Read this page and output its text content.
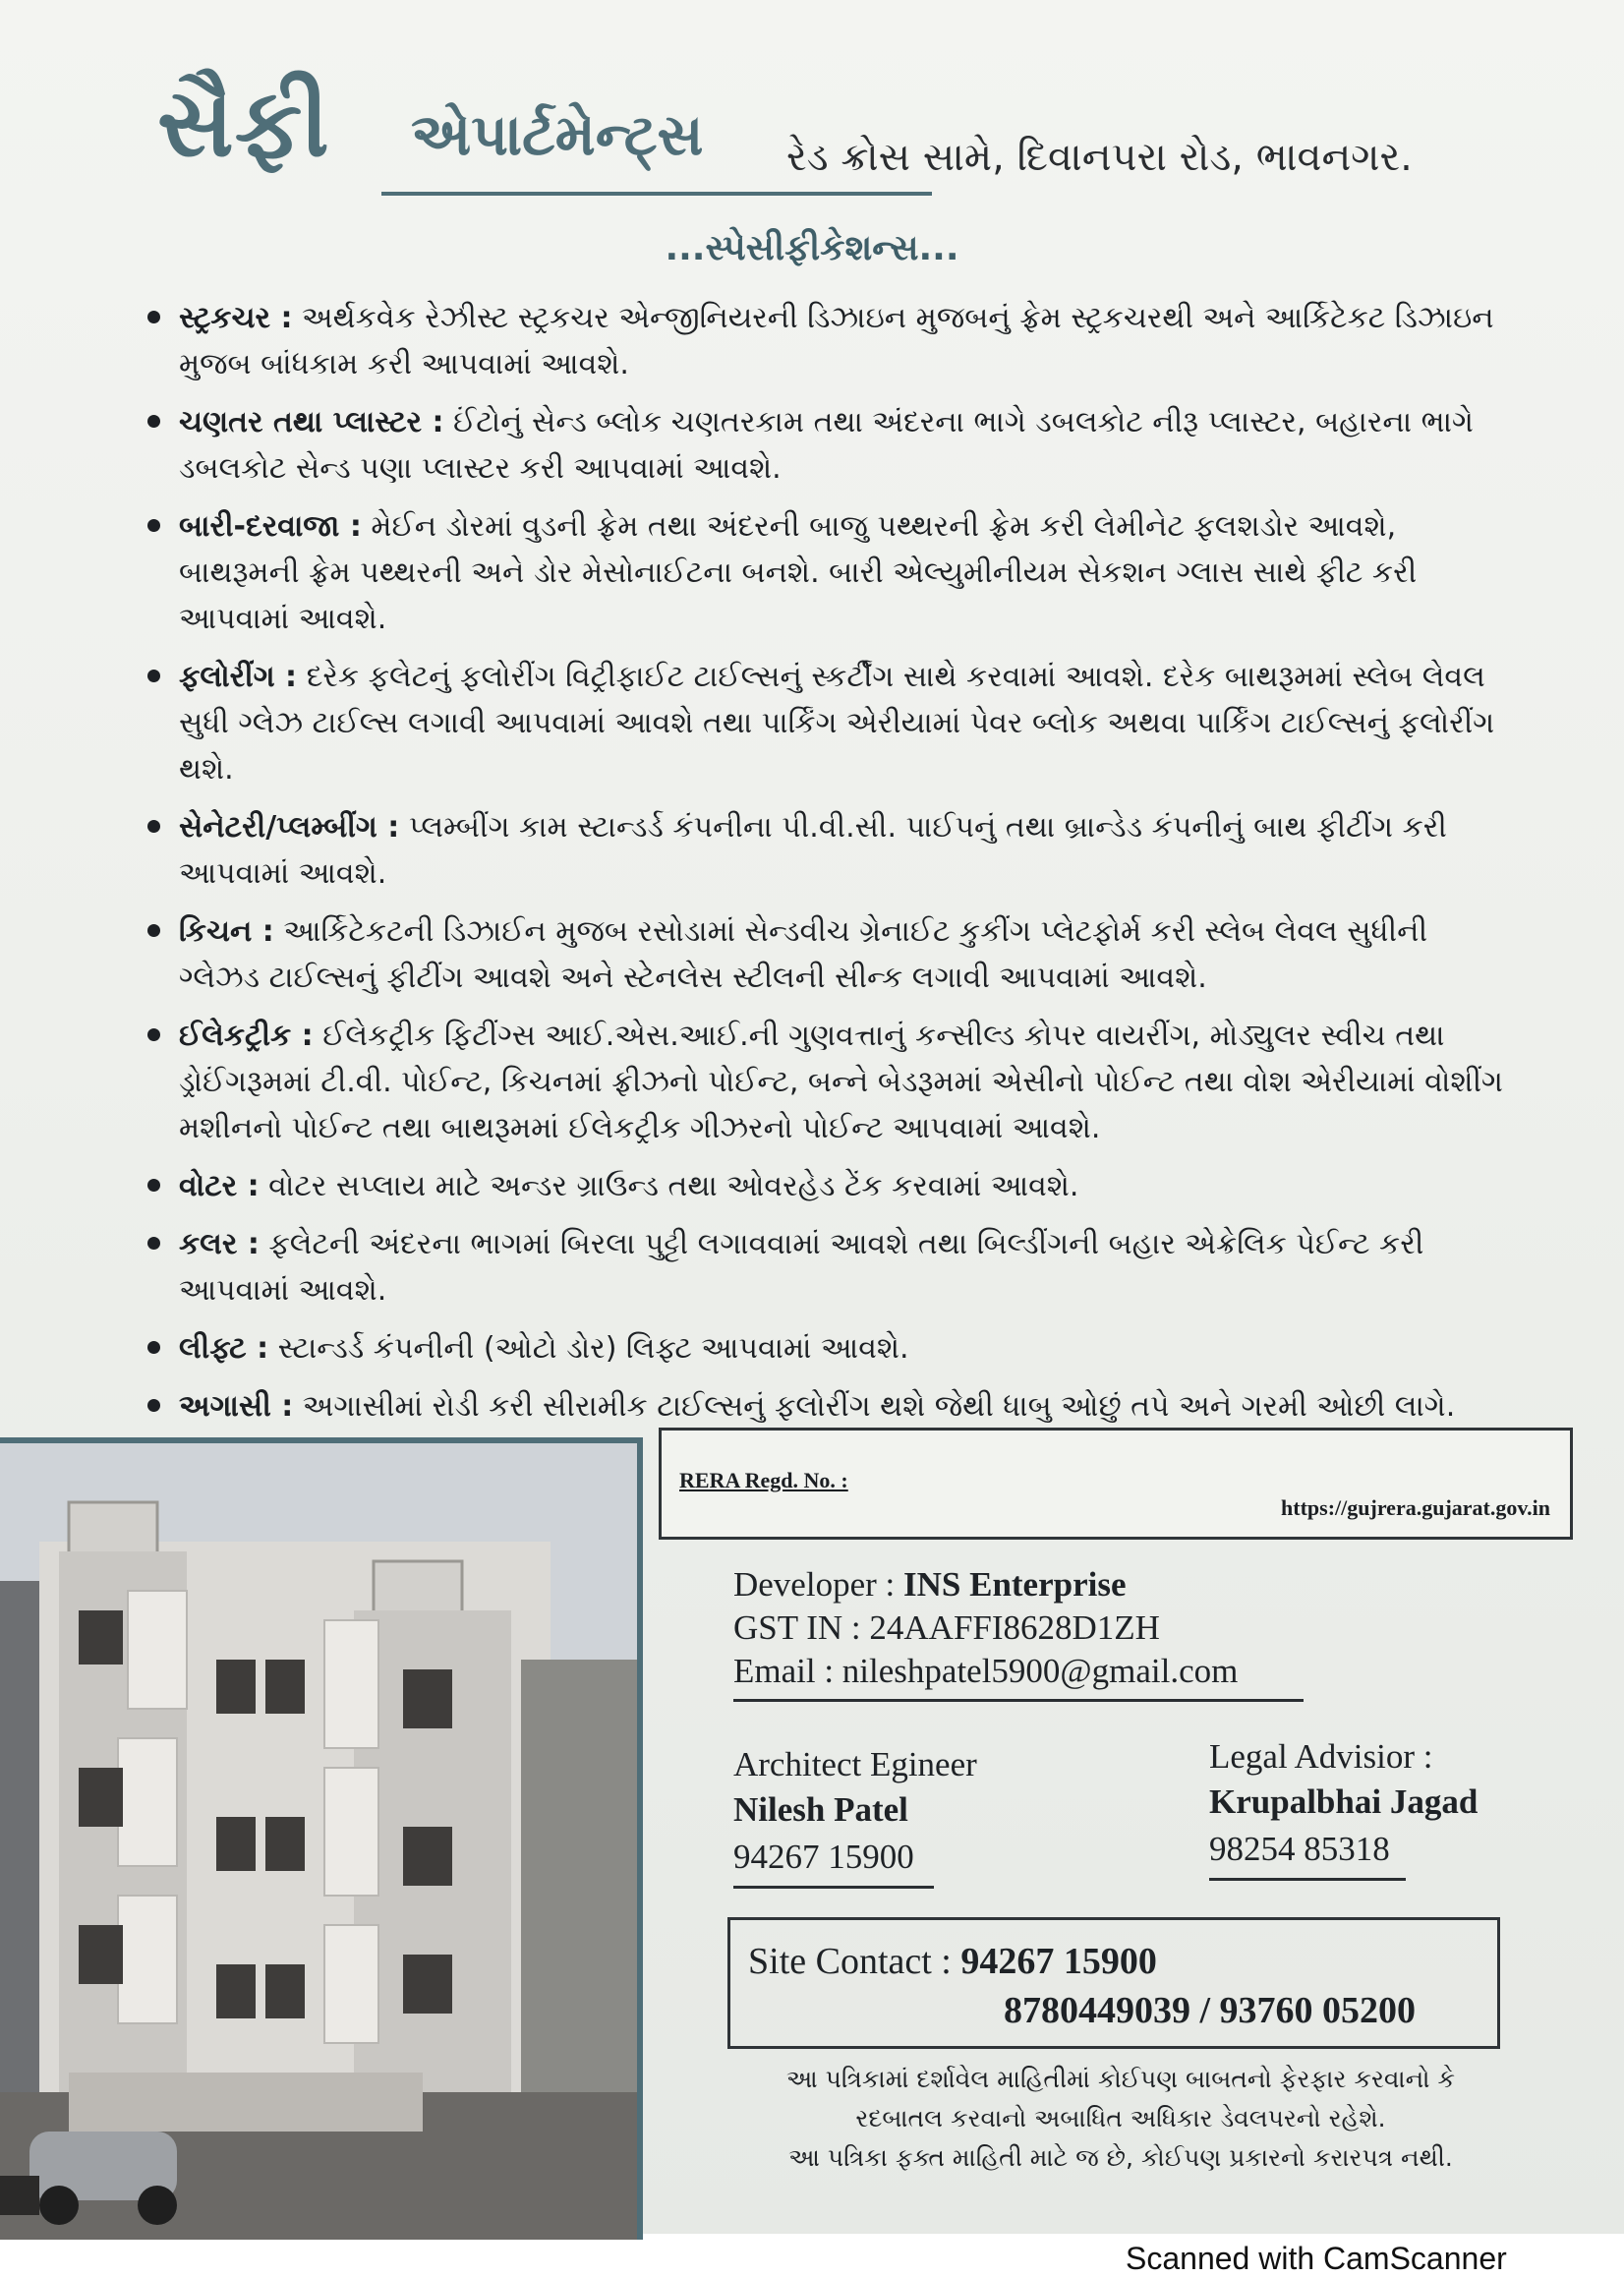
સૈફી એપાર્ટમેન્ટ્સ રેડ ક્રોસ સામે, દિવાનપરા રોડ, ભાવનગર.
...સ્પેસીફીકેશન્સ...
સ્ટ્રકચર : અર્થકવેક રેઝીસ્ટ સ્ટ્રકચર એન્જીનિયરની ડિઝાઇન મુજબનું ફ્રેમ સ્ટ્રકચરથી અને આર્કિટેકટ ડિઝાઇન મુજબ બાંધકામ કરી આપવામાં આવશે.
ચણતર તથા પ્લાસ્ટર : ઈંટોનું સેન્ડ બ્લોક ચણતરકામ તથા અંદરના ભાગે ડબલકોટ નીરૂ પ્લાસ્ટર, બહારના ભાગે ડબલકોટ સેન્ડ પણા પ્લાસ્ટર કરી આપવામાં આવશે.
બારી-દરવાજા : મેઈન ડોરમાં વુડની ફ્રેમ તથા અંદરની બાજુ પથ્થરની ફ્રેમ કરી લેમીનેટ ફલશડોર આવશે, બાથરૂમની ફ્રેમ પથ્થરની અને ડોર મેસોનાઈટના બનશે. બારી એલ્યુમીનીયમ સેકશન ગ્લાસ સાથે ફીટ કરી આપવામાં આવશે.
ફલોરીંગ : દરેક ફલેટનું ફલોરીંગ વિટ્રીફાઈટ ટાઈલ્સનું સ્કર્ટીંગ સાથે કરવામાં આવશે. દરેક બાથરૂમમાં સ્લેબ લેવલ સુધી ગ્લેઝ ટાઈલ્સ લગાવી આપવામાં આવશે તથા પાર્કિંગ એરીયામાં પેવર બ્લોક અથવા પાર્કિંગ ટાઈલ્સનું ફલોરીંગ થશે.
સેનેટરી/પ્લમ્બીંગ : પ્લમ્બીંગ કામ સ્ટાન્ડર્ડ કંપનીના પી.વી.સી. પાઈપનું તથા બ્રાન્ડેડ કંપનીનું બાથ ફીટીંગ કરી આપવામાં આવશે.
કિચન : આર્કિટેકટની ડિઝાઈન મુજબ રસોડામાં સેન્ડવીચ ગ્રેનાઈટ કુકીંગ પ્લેટફોર્મ કરી સ્લેબ લેવલ સુધીની ગ્લેઝડ ટાઈલ્સનું ફીટીંગ આવશે અને સ્ટેનલેસ સ્ટીલની સીન્ક લગાવી આપવામાં આવશે.
ઈલેકટ્રીક : ઈલેકટ્રીક ફિટીંગ્સ આઈ.એસ.આઈ.ની ગુણવત્તાનું કન્સીલ્ડ કોપર વાયરીંગ, મોડ્યુલર સ્વીચ તથા ડ્રોઈંગરૂમમાં ટી.વી. પોઈન્ટ, કિચનમાં ફ્રીઝનો પોઈન્ટ, બન્ને બેડરૂમમાં એસીનો પોઈન્ટ તથા વોશ એરીયામાં વોશીંગ મશીનનો પોઈન્ટ તથા બાથરૂમમાં ઈલેકટ્રીક ગીઝરનો પોઈન્ટ આપવામાં આવશે.
વોટર : વોટર સપ્લાય માટે અન્ડર ગ્રાઉન્ડ તથા ઓવરહેડ ટેંક કરવામાં આવશે.
કલર : ફલેટની અંદરના ભાગમાં બિરલા પુટ્ટી લગાવવામાં આવશે તથા બિલ્ડીંગની બહાર એક્રેલિક પેઈન્ટ કરી આપવામાં આવશે.
લીફ્ટ : સ્ટાન્ડર્ડ કંપનીની (ઓટો ડોર) લિફ્ટ આપવામાં આવશે.
અગાસી : અગાસીમાં રોડી કરી સીરામીક ટાઈલ્સનું ફલોરીંગ થશે જેથી ધાબુ ઓછું તપે અને ગરમી ઓછી લાગે.
RERA Regd. No. :
https://gujrera.gujarat.gov.in
Developer : INS Enterprise
GST IN : 24AAFFI8628D1ZH
Email : nileshpatel5900@gmail.com
Architect Egineer
Nilesh Patel
94267 15900
Legal Advisior :
Krupalbhai Jagad
98254 85318
Site Contact : 94267 15900
8780449039 / 93760 05200
આ પત્રિકામાં દર્શાવેલ માહિતીમાં કોઈપણ બાબતનો ફેરફાર કરવાનો કે
રદબાતલ કરવાનો અબાધિત અધિકાર ડેવલપરનો રહેશે.
આ પત્રિકા ફક્ત માહિતી માટે જ છે, કોઈપણ પ્રકારનો કરારપત્ર નથી.
Scanned with CamScanner
